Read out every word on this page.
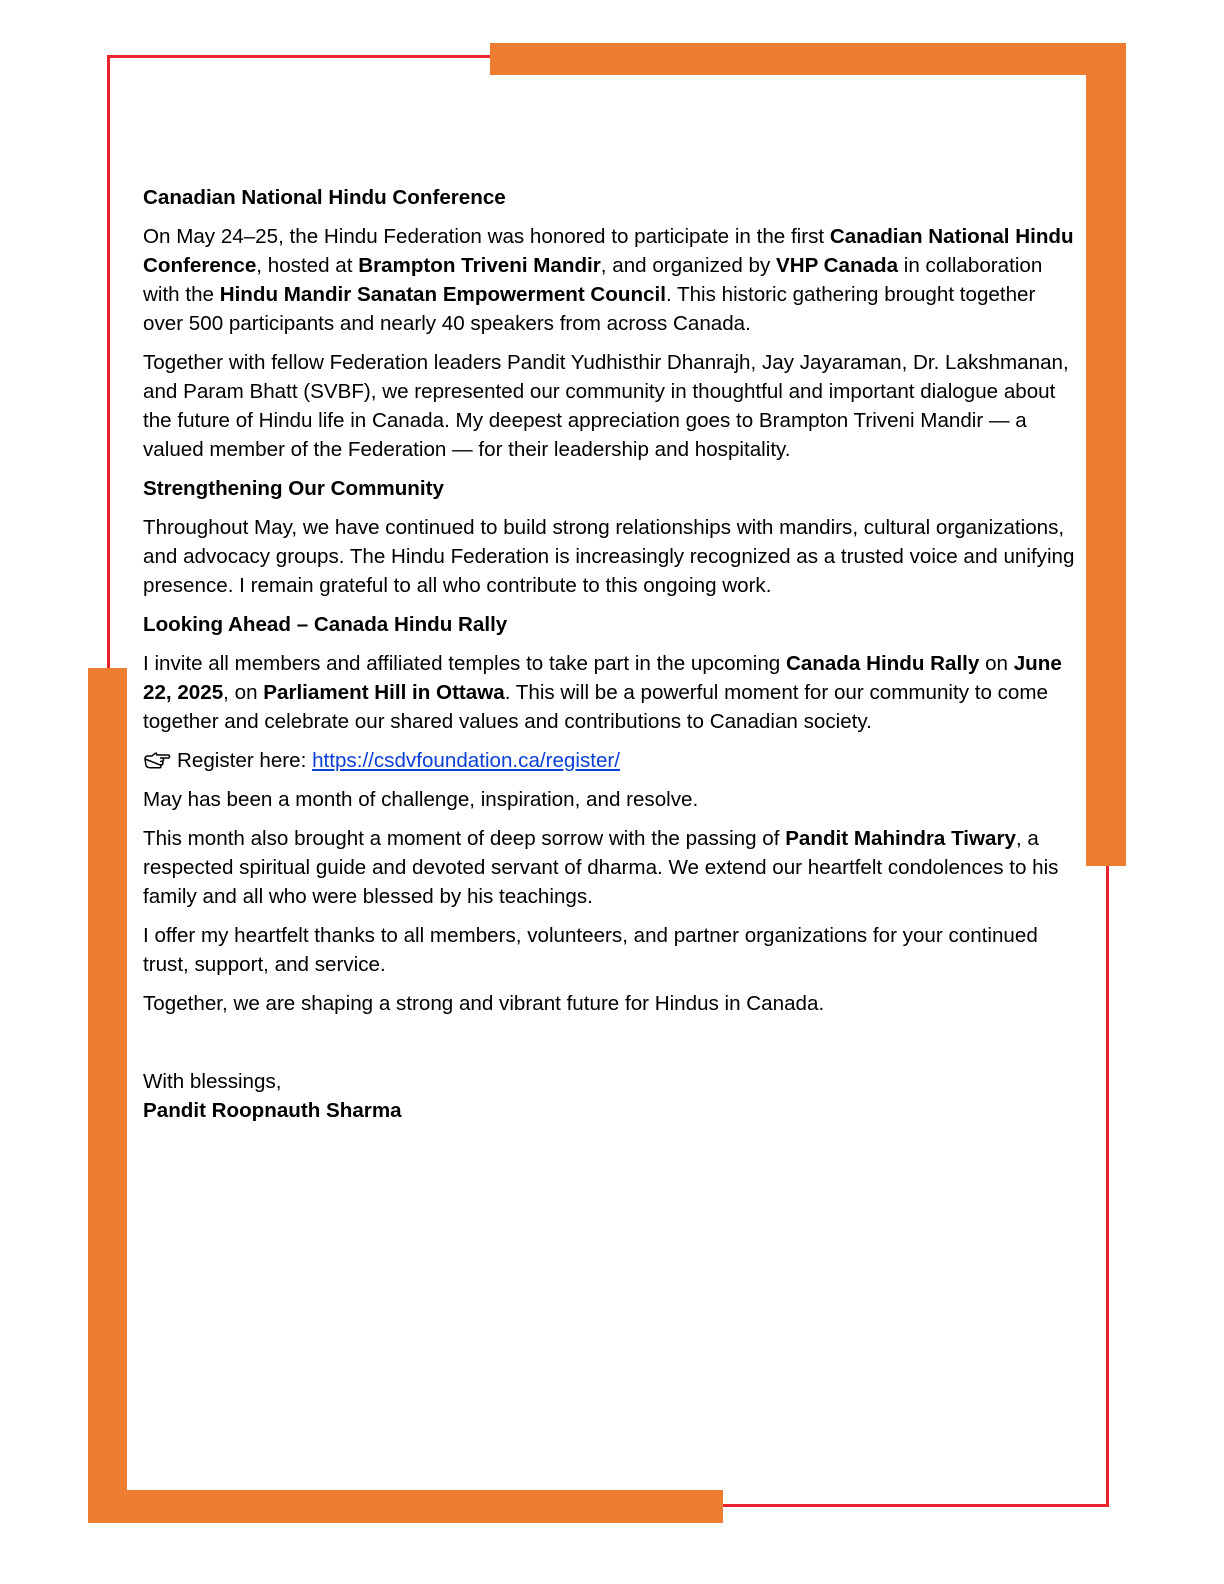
Canadian National Hindu Conference

On May 24–25, the Hindu Federation was honored to participate in the first Canadian National Hindu Conference, hosted at Brampton Triveni Mandir, and organized by VHP Canada in collaboration with the Hindu Mandir Sanatan Empowerment Council. This historic gathering brought together over 500 participants and nearly 40 speakers from across Canada.

Together with fellow Federation leaders Pandit Yudhisthir Dhanrajh, Jay Jayaraman, Dr. Lakshmanan, and Param Bhatt (SVBF), we represented our community in thoughtful and important dialogue about the future of Hindu life in Canada. My deepest appreciation goes to Brampton Triveni Mandir — a valued member of the Federation — for their leadership and hospitality.

Strengthening Our Community

Throughout May, we have continued to build strong relationships with mandirs, cultural organizations, and advocacy groups. The Hindu Federation is increasingly recognized as a trusted voice and unifying presence. I remain grateful to all who contribute to this ongoing work.

Looking Ahead – Canada Hindu Rally

I invite all members and affiliated temples to take part in the upcoming Canada Hindu Rally on June 22, 2025, on Parliament Hill in Ottawa. This will be a powerful moment for our community to come together and celebrate our shared values and contributions to Canadian society.

Register here: https://csdvfoundation.ca/register/

May has been a month of challenge, inspiration, and resolve.

This month also brought a moment of deep sorrow with the passing of Pandit Mahindra Tiwary, a respected spiritual guide and devoted servant of dharma. We extend our heartfelt condolences to his family and all who were blessed by his teachings.

I offer my heartfelt thanks to all members, volunteers, and partner organizations for your continued trust, support, and service.

Together, we are shaping a strong and vibrant future for Hindus in Canada.

With blessings,

Pandit Roopnauth Sharma
